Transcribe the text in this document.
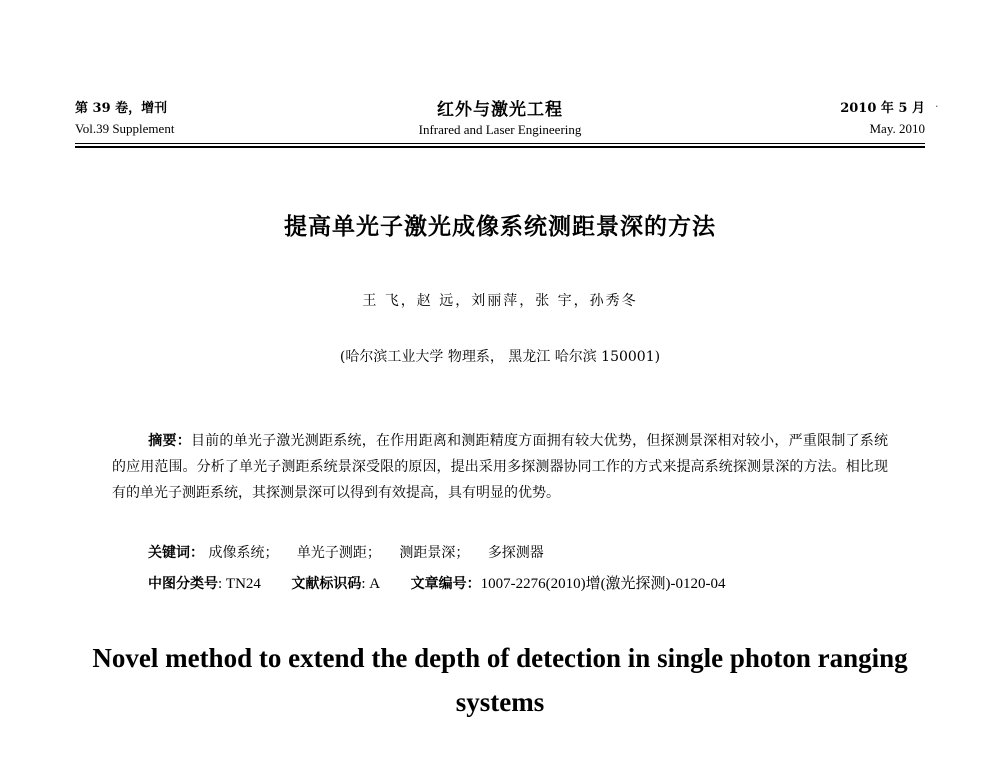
第 39 卷，增刊
Vol.39 Supplement
红外与激光工程
Infrared and Laser Engineering
2010 年 5 月
May. 2010
·
提高单光子激光成像系统测距景深的方法
王 飞，赵 远，刘丽萍，张 宇，孙秀冬
(哈尔滨工业大学 物理系， 黑龙江 哈尔滨 150001)
摘要：目前的单光子激光测距系统，在作用距离和测距精度方面拥有较大优势，但探测景深相对较小，严重限制了系统的应用范围。分析了单光子测距系统景深受限的原因，提出采用多探测器协同工作的方式来提高系统探测景深的方法。相比现有的单光子测距系统，其探测景深可以得到有效提高，具有明显的优势。
关键词： 成像系统； 单光子测距； 测距景深； 多探测器
中图分类号: TN24 文献标识码: A 文章编号：1007-2276(2010)增(激光探测)-0120-04
Novel method to extend the depth of detection in single photon ranging systems
